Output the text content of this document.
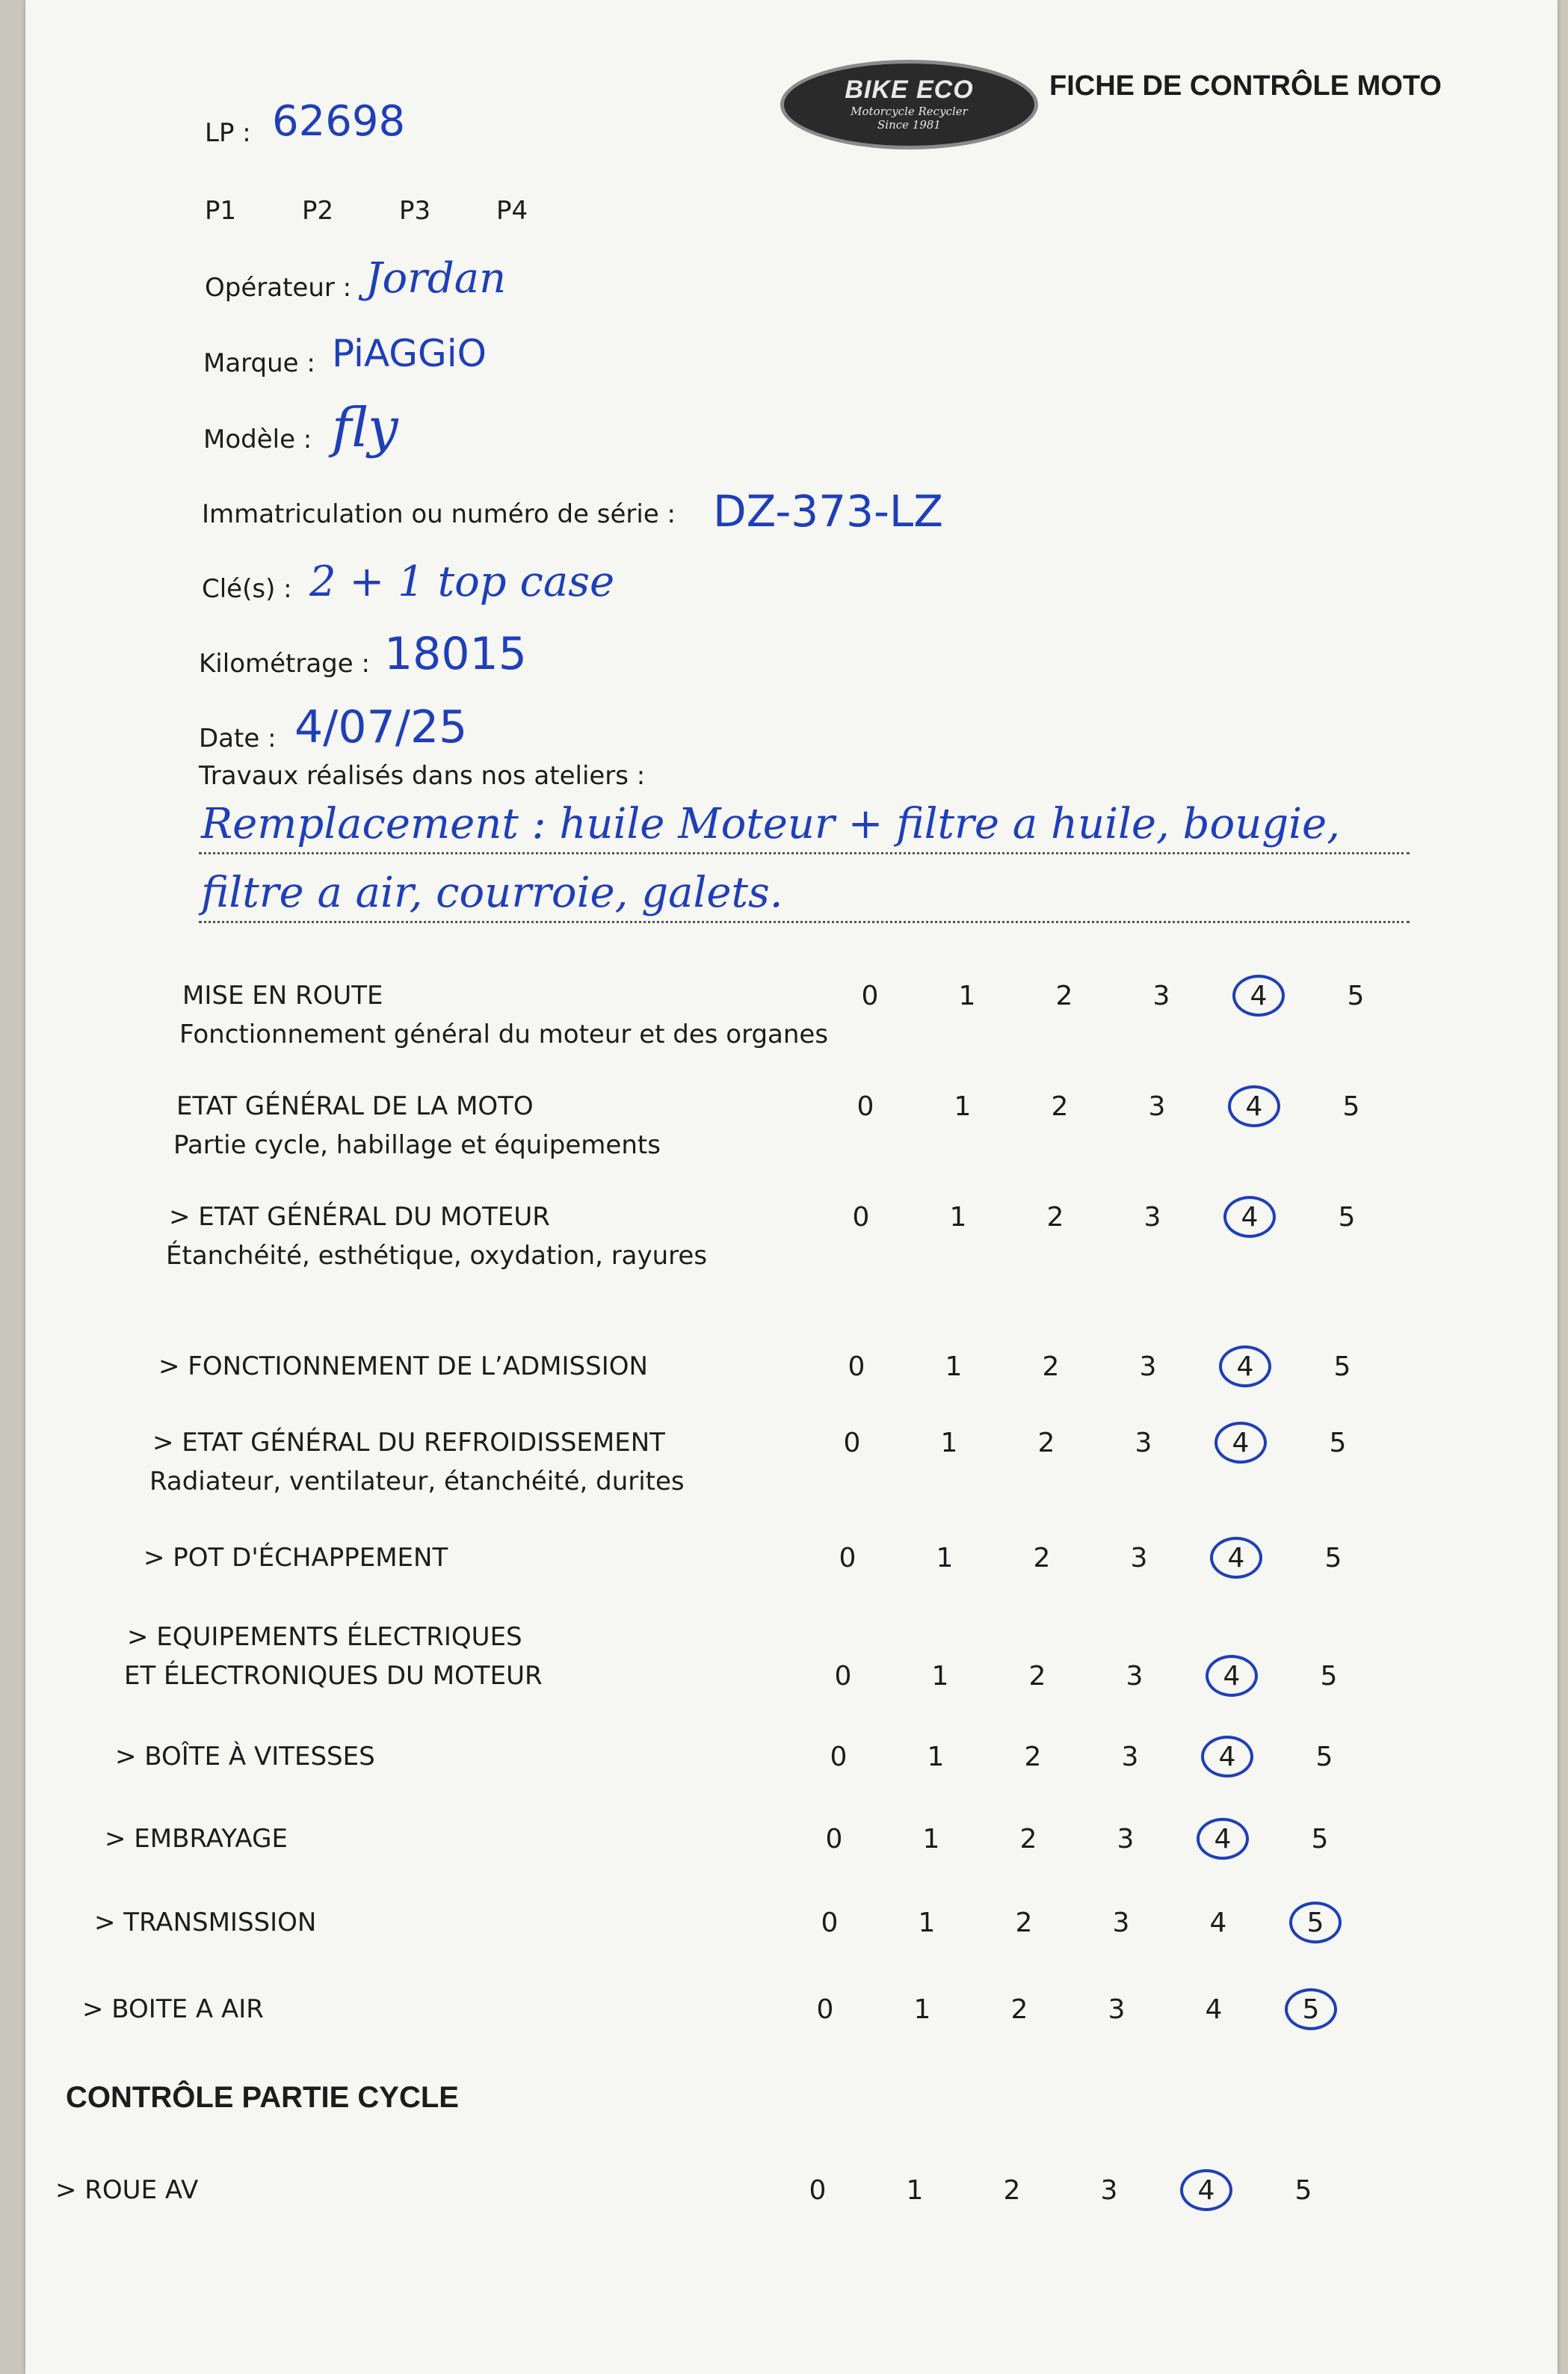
BIKE ECO
Motorcycle Recycler
Since 1981
FICHE DE CONTRÔLE MOTO
LP : 62698
P1	P2	P3	P4
Opérateur : Jordan
Marque : PiAGGiO
Modèle : fly
Immatriculation ou numéro de série : DZ-373-LZ
Clé(s) : 2 + 1 top case
Kilométrage : 18015
Date : 4/07/25
Travaux réalisés dans nos ateliers :
Remplacement : huile Moteur + filtre a huile, bougie,
filtre a air, courroie, galets.
MISE EN ROUTE
Fonctionnement général du moteur et des organes
0	1	2	3	4	5
ETAT GÉNÉRAL DE LA MOTO
Partie cycle, habillage et équipements
0	1	2	3	4	5
> ETAT GÉNÉRAL DU MOTEUR
Étanchéité, esthétique, oxydation, rayures
0	1	2	3	4	5
> FONCTIONNEMENT DE L’ADMISSION	0	1	2	3	4	5
> ETAT GÉNÉRAL DU REFROIDISSEMENT
Radiateur, ventilateur, étanchéité, durites
0	1	2	3	4	5
> POT D'ÉCHAPPEMENT	0	1	2	3	4	5
> EQUIPEMENTS ÉLECTRIQUES
ET ÉLECTRONIQUES DU MOTEUR	0	1	2	3	4	5
> BOÎTE À VITESSES	0	1	2	3	4	5
> EMBRAYAGE	0	1	2	3	4	5
> TRANSMISSION	0	1	2	3	4	5
> BOITE A AIR	0	1	2	3	4	5
CONTRÔLE PARTIE CYCLE
> ROUE AV	0	1	2	3	4	5
